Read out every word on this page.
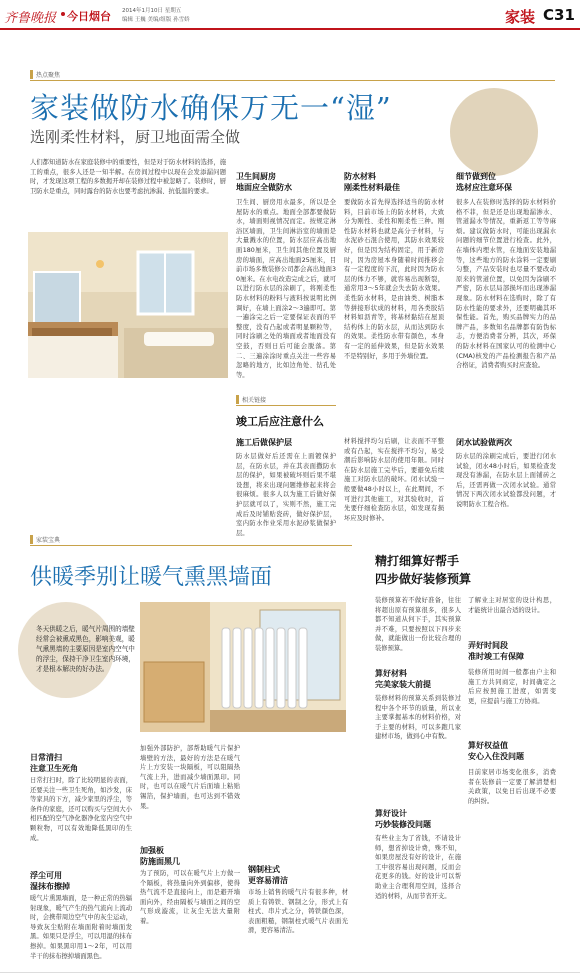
齐鲁晚报 今日烟台 2014年1月10日 星期五
编辑 王巍 美编/组版 孙雪娇	家装 C31
热点聚焦
家装做防水确保万无一“湿”
选刚柔性材料，厨卫地面需全做
人们都知道防水在家庭装修中的重要性，但是对于防水材料的选择，施工的重点，很多人还是一知半解。在房间过程中以现在会发添漏问题时，才发现这项工程的多数揭开却在装修过程中被忽略了。装修时，厨卫防水是重点，同时露台的防水也要考虑抗渗漏、抗低温的要求。
卫生间厨房
地面应全做防水
卫生间、厨房用水最多，所以是全屋防水的重点。地面全部都要做防水，墙面则视情况而定。按规定淋浴区墙面，卫生间淋浴室的墙面是大量溅水的位置，防水层应高出地面180厘米，卫生间其他位置及厨房的墙面，应高出地面25厘米，目前市场多数装修公司都会高出地面30厘米。在水电改造完成之后，就可以进行防水层的涂刷了，将刚柔性防水材料的粉料与液料按说明比例调好，在墙上面涂2～3遍即可。第一遍涂完之后一定要保证表面的平整度，没有凸起或者明显颗粒等，同时涂刷之处的墙面或者地面没有空鼓，否则日后可能会脱落。第二、三遍涂涂时重点关注一些容易忽略的地方，比如边角处、钻孔处等。
防水材料
刚柔性材料最佳
要做防水首先得选择适当的防水材料，目前市场上的防水材料，大致分为刚性、柔性和刚柔性三种。刚性防水材料也就是高分子材料，与水泥砂石混合使用，其防水效果较好，但是因为结构固定，用于新房时，因为房屋本身随着时间推移会有一定程度的下沉，此时因为防水层的体力不够，就容易出现断裂，通常用3～5年就会失去防水效果。柔性防水材料，是由油类、树脂本等拼接形状成的材料，用各类胶结材料如沥青等，将基材黏结在屋顶结构体上的防水层，从而达到防水的效果。柔性防水带有颜色，本身有一定的延伸效果，但是防水效果不是特别好，多用于外墙位置。
细节做到位
选材应注意环保
很多人在装修时选择的防水材料价格不菲，但是还是出现地漏渗水、管道漏水等情况，重新返工等等麻烦。建议做防水时，可能出现漏水问题的细节位置进行检查。此外，在墙体内埋水管，在地面安装地漏等，这些地方的防水涂料一定要刷匀整，产品安装时也尽量不要改动原来的管道位置，以免因为涂刷不严密，防水层局部损坏而出现渗漏现象。防水材料在选购时，除了有防水性能的要求外，还要明确其环保性能。首先，购买品牌实力的品牌产品，多数知名品牌都有防伪标志，方便消费者分辨，其次，环保的防水材料在国家认可的检测中心(CMA)核发的产品检测报告和产品合格证，消费者购买时应查验。
相关链接
竣工后应注意什么
施工后做保护层
防水层做好后还需在上面镀保护层，在防水层，并在其表面撒防水层的保护，如果被破坏则后果不堪设想，将来出现问题维修起来将会很麻烦。很多人以为施工后做好保护层就可以了，实则不然，施工完成后及时铺贴瓷砖，做好保护层，室内防水作业采用水泥砂浆做保护层。
材料搅拌均匀后刷，让表面不平整或有凸起，实在搅拌不均匀，易受潮后影响防水层的使用年限。同时在防水层施工完毕后，要避免后续施工对防水层的破坏。闭水试验一般要做48小时以上，在此期间，不可进行其他施工，对其验收时，首先要仔细检查防水层，如发现有损坏应及时修补。
闭水试验做两次
防水层的涂刷完成后，要进行闭水试验，闭水48小时后，如果检查发现没有渗漏，在防水层上面铺砖之后，还需再做一次闭水试验。通常情况下两次闭水试验都没问题，才说明防水工程合格。
家装宝典
供暖季别让暖气熏黑墙面
冬天供暖之后，暖气片周围的墙壁经常会被熏成黑色，影响美观，暖气熏黑墙的主要原因是室内空气中的浮尘，保持干净卫生室内环境，才是根本解决的好办法。
日常清扫
注意卫生死角
日常打扫时，除了比较明显的表面，还要关注一些卫生死角，如沙发，床等家具的下方，减少家里的浮尘，等条件的家庭，还可以购买与空间大小相匹配的空气净化器净化室内空气中颗粒物，可以有效地降低黑印的生成。
浮尘可用
湿抹布擦掉
暖气片熏黑墙面，是一种正常的热辐射现象，暖气产生的热气流向上流动时，会携带周边空气中的灰尘运动，导致灰尘贴附在墙面附着时墙面发黑。如果只是浮尘，可以用湿的抹布擦掉。如果黑印用1～2年，可以用半干的抹布擦掉墙面黑色。
加强外部防护，部帮助暖气片保护墙壁的方法，最好的方法是在暖气片上方安装一块隔板，可以阻隔热气流上升，进而减少墙面黑印。同时，也可以在暖气片后面墙上粘贴锡箔，保护墙面，也可达到不错效果。
加强板
防施面黑几
为了预防，可以在暖气片上方做一个隔板，将热量向外到偏移，使得热气流不是直接向上，而是避开墙面向外，经由隔板与墙面之间的空气形成漩流，让灰尘无法大量附着。
钢制柱式
更容易清洁
市场上销售的暖气片有很多种，材质上有铸铁、钢制之分，形式上有柱式、串片式之分，铸铁颜色深，表面粗糙，钢制柱式暖气片表面光滑，更容易清洁。
精打细算好帮手
四步做好装修预算
装修预算若不做好准备，往往将超出原有预算很多，很多人都不知道从何下手，其实预算并不难，只要按照以下四步来做，就能做出一份比较合理的装修预算。
了解业主对居室的设计构思，才能统计出最合适的设计。
弄好时间段
准时竣工有保障
装修所用时间一般都由户主和施工方共同商定，时间确定之后应按照施工进度，如需变更，应提前与施工方协商。
算好材料
完美家装大前提
装修材料的预算关系到装修过程中各个环节的质量，所以业主要掌握基本的材料价格，对于主要的材料，可以多跑几家建材市场，做到心中有数。
算好权益值
安心入住没问题
目前家居市场变化很多，消费者在装修前一定要了解清楚相关政策，以免日后出现不必要的纠纷。
算好设计
巧妙装修没问题
有些业主为了省钱，不请设计师，想省掉设计费，殊不知，如果房屋没有好的设计，在施工中很容易出现问题，反而会花更多的钱。好的设计可以帮助业主合理利用空间，选择合适的材料，从而节省开支。
